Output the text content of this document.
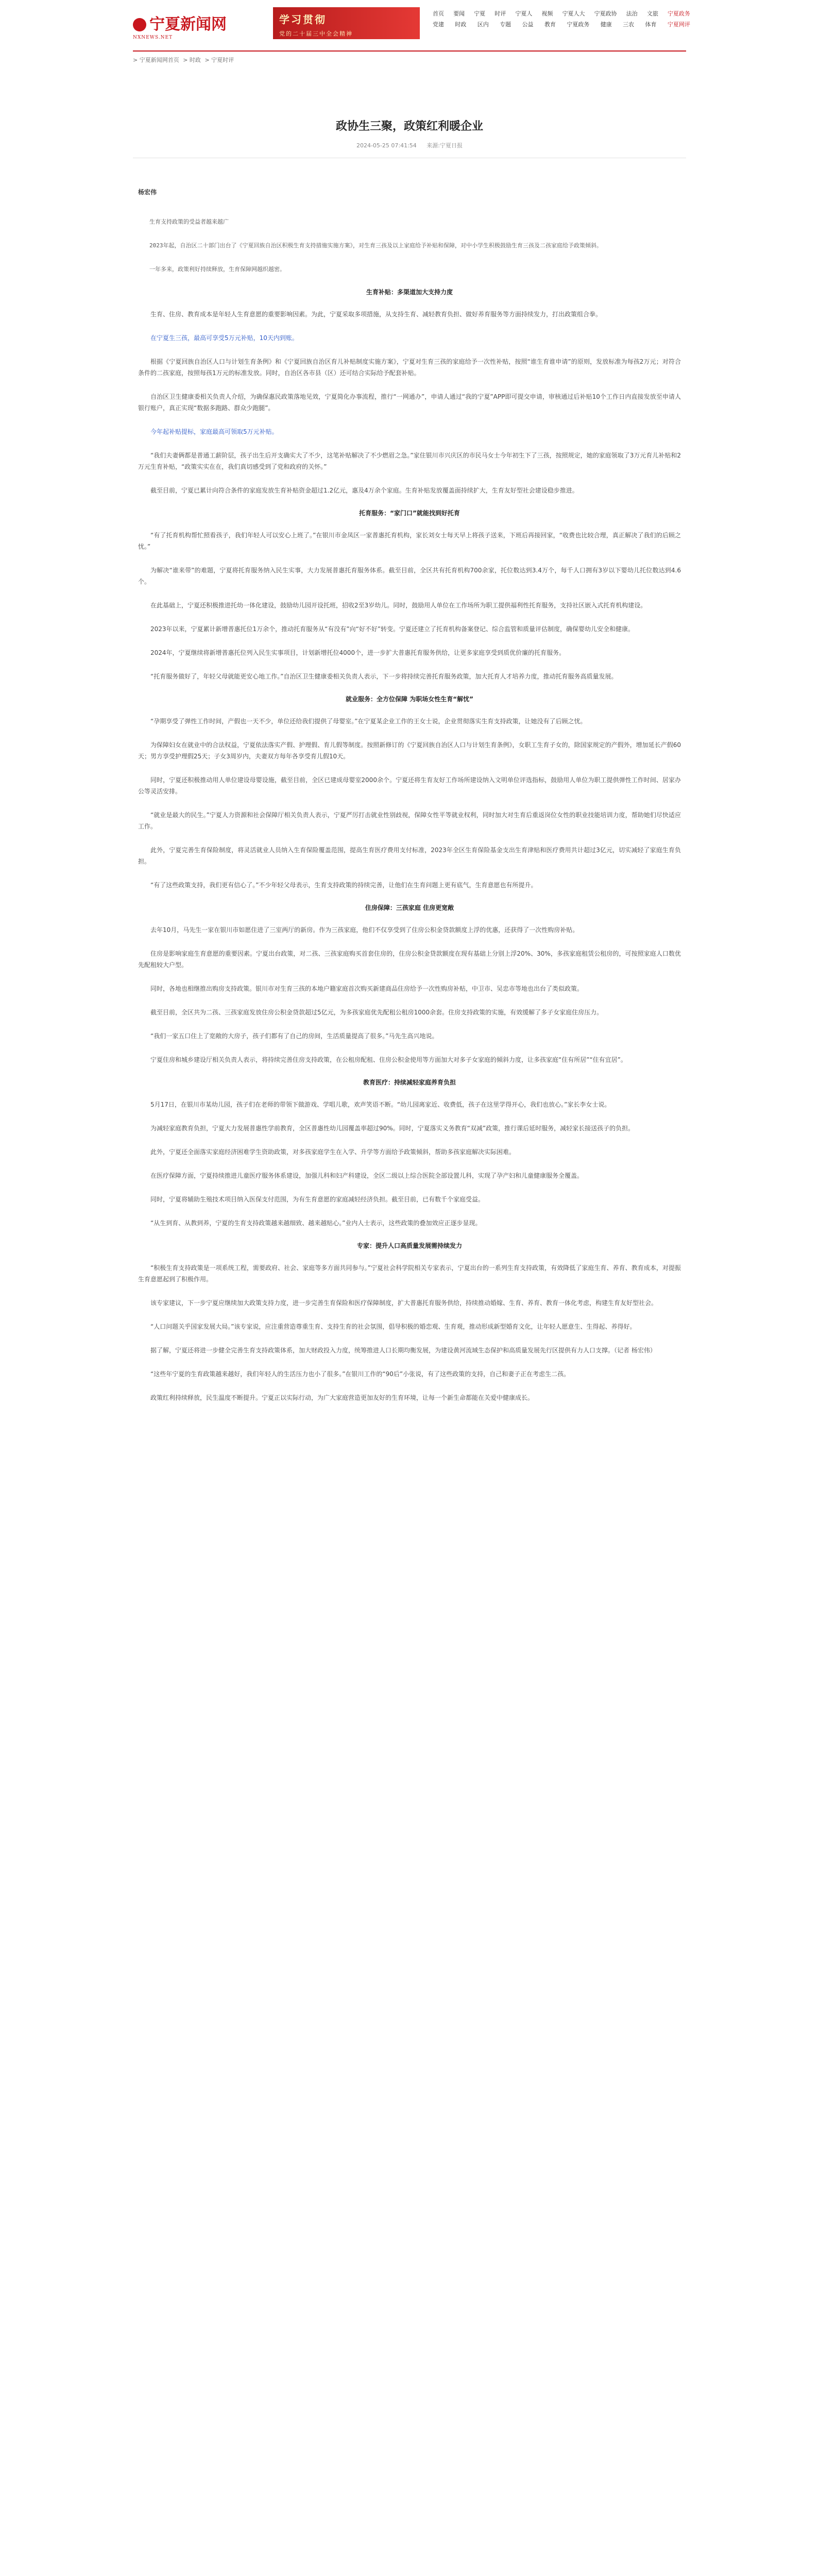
宁夏新闻网
NXNEWS.NET
学习贯彻
党的二十届三中全会精神
首页 要闻 宁夏 时评 宁夏人 视频 宁夏人大 宁夏政协 法治 文旅 宁夏政务
党建 时政 区内 专题 公益 教育 宁夏政务 健康 三农 体育 宁夏网评
> 宁夏新闻网首页 > 时政 > 宁夏时评
政协生三聚，政策红利暖企业
2024-05-25 07:41:54 来源:宁夏日报

杨宏伟

生育支持政策的受益者越来越广

2023年起，自治区二十部门出台了《宁夏回族自治区积极生育支持措施实施方案》，对生育三孩及以上家庭给予补贴和保障，对中小学生积极鼓励生育三孩及二孩家庭给予政策倾斜。

一年多来，政策利好持续释放，生育保障网越织越密。

生育补贴：多渠道加大支持力度

生育、住房、教育成本是年轻人生育意愿的重要影响因素。为此，宁夏采取多项措施，从支持生育、减轻教育负担、做好养育服务等方面持续发力，打出政策组合拳。

在宁夏生三孩，最高可享受5万元补贴，10天内到账。

根据《宁夏回族自治区人口与计划生育条例》和《宁夏回族自治区育儿补贴制度实施方案》，宁夏对生育三孩的家庭给予一次性补贴，按照“谁生育谁申请”的原则，发放标准为每孩2万元；对符合条件的二孩家庭，按照每孩1万元的标准发放。同时，自治区各市县（区）还可结合实际给予配套补贴。

自治区卫生健康委相关负责人介绍，为确保惠民政策落地见效，宁夏简化办事流程，推行“一网通办”，申请人通过“我的宁夏”APP即可提交申请，审核通过后补贴10个工作日内直接发放至申请人银行账户，真正实现“数据多跑路、群众少跑腿”。

今年起补贴提标，家庭最高可领取5万元补贴。

“我们夫妻俩都是普通工薪阶层，孩子出生后开支确实大了不少，这笔补贴解决了不少燃眉之急。”家住银川市兴庆区的市民马女士今年初生下了三孩，按照规定，她的家庭领取了3万元育儿补贴和2万元生育补贴，“政策实实在在，我们真切感受到了党和政府的关怀。”

截至目前，宁夏已累计向符合条件的家庭发放生育补贴资金超过1.2亿元，惠及4万余个家庭。生育补贴发放覆盖面持续扩大，生育友好型社会建设稳步推进。

托育服务：“家门口”就能找到好托育

“有了托育机构帮忙照看孩子，我们年轻人可以安心上班了。”在银川市金凤区一家普惠托育机构，家长刘女士每天早上将孩子送来，下班后再接回家，“收费也比较合理，真正解决了我们的后顾之忧。”

为解决“谁来带”的难题，宁夏将托育服务纳入民生实事，大力发展普惠托育服务体系。截至目前，全区共有托育机构700余家，托位数达到3.4万个，每千人口拥有3岁以下婴幼儿托位数达到4.6个。

在此基础上，宁夏还积极推进托幼一体化建设，鼓励幼儿园开设托班，招收2至3岁幼儿。同时，鼓励用人单位在工作场所为职工提供福利性托育服务，支持社区嵌入式托育机构建设。

2023年以来，宁夏累计新增普惠托位1万余个，推动托育服务从“有没有”向“好不好”转变。宁夏还建立了托育机构备案登记、综合监管和质量评估制度，确保婴幼儿安全和健康。

2024年，宁夏继续将新增普惠托位列入民生实事项目，计划新增托位4000个，进一步扩大普惠托育服务供给，让更多家庭享受到质优价廉的托育服务。

“托育服务做好了，年轻父母就能更安心地工作。”自治区卫生健康委相关负责人表示，下一步将持续完善托育服务政策，加大托育人才培养力度，推动托育服务高质量发展。

就业服务：全方位保障 为职场女性生育“解忧”

“孕期享受了弹性工作时间，产假也一天不少，单位还给我们提供了母婴室。”在宁夏某企业工作的王女士说，企业贯彻落实生育支持政策，让她没有了后顾之忧。

为保障妇女在就业中的合法权益，宁夏依法落实产假、护理假、育儿假等制度。按照新修订的《宁夏回族自治区人口与计划生育条例》，女职工生育子女的，除国家规定的产假外，增加延长产假60天；男方享受护理假25天；子女3周岁内，夫妻双方每年各享受育儿假10天。

同时，宁夏还积极推动用人单位建设母婴设施，截至目前，全区已建成母婴室2000余个。宁夏还将生育友好工作场所建设纳入文明单位评选指标，鼓励用人单位为职工提供弹性工作时间、居家办公等灵活安排。

“就业是最大的民生。”宁夏人力资源和社会保障厅相关负责人表示，宁夏严厉打击就业性别歧视，保障女性平等就业权利，同时加大对生育后重返岗位女性的职业技能培训力度，帮助她们尽快适应工作。

此外，宁夏完善生育保险制度，将灵活就业人员纳入生育保险覆盖范围，提高生育医疗费用支付标准，2023年全区生育保险基金支出生育津贴和医疗费用共计超过3亿元，切实减轻了家庭生育负担。

“有了这些政策支持，我们更有信心了。”不少年轻父母表示，生育支持政策的持续完善，让他们在生育问题上更有底气，生育意愿也有所提升。

住房保障：三孩家庭 住房更宽敞

去年10月，马先生一家在银川市如愿住进了三室两厅的新房。作为三孩家庭，他们不仅享受到了住房公积金贷款额度上浮的优惠，还获得了一次性购房补贴。

住房是影响家庭生育意愿的重要因素。宁夏出台政策，对二孩、三孩家庭购买首套住房的，住房公积金贷款额度在现有基础上分别上浮20%、30%，多孩家庭租赁公租房的，可按照家庭人口数优先配租较大户型。

同时，各地也相继推出购房支持政策。银川市对生育三孩的本地户籍家庭首次购买新建商品住房给予一次性购房补贴，中卫市、吴忠市等地也出台了类似政策。

截至目前，全区共为二孩、三孩家庭发放住房公积金贷款超过5亿元，为多孩家庭优先配租公租房1000余套。住房支持政策的实施，有效缓解了多子女家庭住房压力。

“我们一家五口住上了宽敞的大房子，孩子们都有了自己的房间，生活质量提高了很多。”马先生高兴地说。

宁夏住房和城乡建设厅相关负责人表示，将持续完善住房支持政策，在公租房配租、住房公积金使用等方面加大对多子女家庭的倾斜力度，让多孩家庭“住有所居”“住有宜居”。

教育医疗：持续减轻家庭养育负担

5月17日，在银川市某幼儿园，孩子们在老师的带领下做游戏、学唱儿歌，欢声笑语不断。“幼儿园离家近、收费低，孩子在这里学得开心，我们也放心。”家长李女士说。

为减轻家庭教育负担，宁夏大力发展普惠性学前教育，全区普惠性幼儿园覆盖率超过90%。同时，宁夏落实义务教育“双减”政策，推行课后延时服务，减轻家长接送孩子的负担。

此外，宁夏还全面落实家庭经济困难学生资助政策，对多孩家庭学生在入学、升学等方面给予政策倾斜，帮助多孩家庭解决实际困难。

在医疗保障方面，宁夏持续推进儿童医疗服务体系建设，加强儿科和妇产科建设，全区二级以上综合医院全部设置儿科，实现了孕产妇和儿童健康服务全覆盖。

同时，宁夏将辅助生殖技术项目纳入医保支付范围，为有生育意愿的家庭减轻经济负担。截至目前，已有数千个家庭受益。

“从生到育、从教到养，宁夏的生育支持政策越来越细致、越来越贴心。”业内人士表示，这些政策的叠加效应正逐步显现。

专家：提升人口高质量发展需持续发力

“积极生育支持政策是一项系统工程，需要政府、社会、家庭等多方面共同参与。”宁夏社会科学院相关专家表示，宁夏出台的一系列生育支持政策，有效降低了家庭生育、养育、教育成本，对提振生育意愿起到了积极作用。

该专家建议，下一步宁夏应继续加大政策支持力度，进一步完善生育保险和医疗保障制度，扩大普惠托育服务供给，持续推动婚嫁、生育、养育、教育一体化考虑，构建生育友好型社会。

“人口问题关乎国家发展大局。”该专家说，应注重营造尊重生育、支持生育的社会氛围，倡导积极的婚恋观、生育观，推动形成新型婚育文化，让年轻人愿意生、生得起、养得好。

据了解，宁夏还将进一步健全完善生育支持政策体系，加大财政投入力度，统筹推进人口长期均衡发展，为建设黄河流域生态保护和高质量发展先行区提供有力人口支撑。（记者 杨宏伟）

“这些年宁夏的生育政策越来越好，我们年轻人的生活压力也小了很多。”在银川工作的“90后”小张说，有了这些政策的支持，自己和妻子正在考虑生二孩。

政策红利持续释放，民生温度不断提升。宁夏正以实际行动，为广大家庭营造更加友好的生育环境，让每一个新生命都能在关爱中健康成长。
